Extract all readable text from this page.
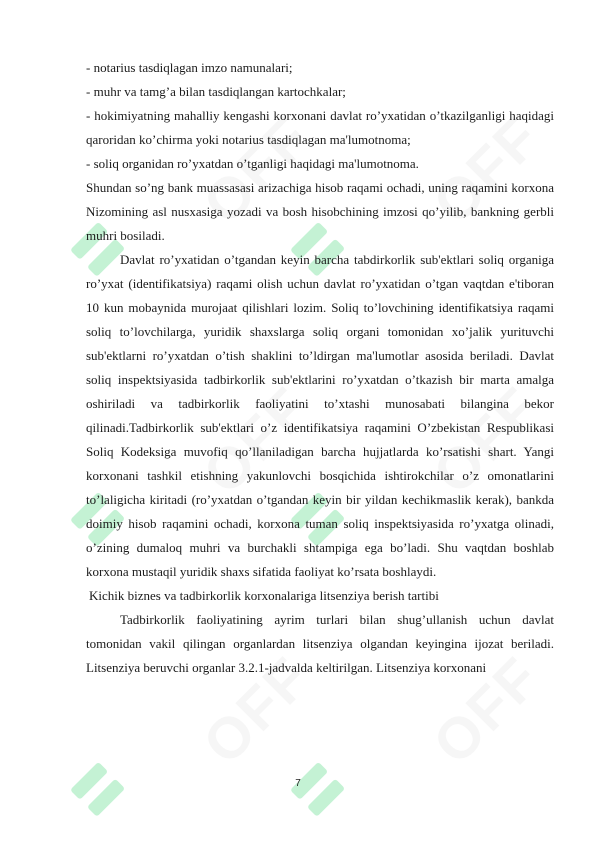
- notarius tasdiqlagan imzo namunalari;

- muhr va tamg’a bilan tasdiqlangan kartochkalar;

- hokimiyatning mahalliy kengashi korxonani davlat ro’yxatidan o’tkazilganligi haqidagi qaroridan ko’chirma yoki notarius tasdiqlagan ma'lumotnoma;

- soliq organidan ro’yxatdan o’tganligi haqidagi ma'lumotnoma.

Shundan so’ng bank muassasasi arizachiga hisob raqami ochadi, uning raqamini korxona Nizomining asl nusxasiga yozadi va bosh hisobchining imzosi qo’yilib, bankning gerbli muhri bosiladi.

Davlat ro’yxatidan o’tgandan keyin barcha tabdirkorlik sub'ektlari soliq organiga ro’yxat (identifikatsiya) raqami olish uchun davlat ro’yxatidan o’tgan vaqtdan e'tiboran 10 kun mobaynida murojaat qilishlari lozim. Soliq to’lovchining identifikatsiya raqami soliq to’lovchilarga, yuridik shaxslarga soliq organi tomonidan xo’jalik yurituvchi sub'ektlarni ro’yxatdan o’tish shaklini to’ldirgan ma'lumotlar asosida beriladi. Davlat soliq inspektsiyasida tadbirkorlik sub'ektlarini ro’yxatdan o’tkazish bir marta amalga oshiriladi va tadbirkorlik faoliyatini to’xtashi munosabati bilangina bekor qilinadi.Tadbirkorlik sub'ektlari o’z identifikatsiya raqamini O’zbekistan Respublikasi Soliq Kodeksiga muvofiq qo’llaniladigan barcha hujjatlarda ko’rsatishi shart. Yangi korxonani tashkil etishning yakunlovchi bosqichida ishtirokchilar o’z omonatlarini to’laligicha kiritadi (ro’yxatdan o’tgandan keyin bir yildan kechikmaslik kerak), bankda doimiy hisob raqamini ochadi, korxona tuman soliq inspektsiyasida ro’yxatga olinadi, o’zining dumaloq muhri va burchakli shtampiga ega bo’ladi. Shu vaqtdan boshlab korxona mustaqil yuridik shaxs sifatida faoliyat ko’rsata boshlaydi.

Kichik biznes va tadbirkorlik korxonalariga litsenziya berish tartibi

Tadbirkorlik faoliyatining ayrim turlari bilan shug’ullanish uchun davlat tomonidan vakil qilingan organlardan litsenziya olgandan keyingina ijozat beriladi. Litsenziya beruvchi organlar 3.2.1-jadvalda keltirilgan. Litsenziya korxonani

7
